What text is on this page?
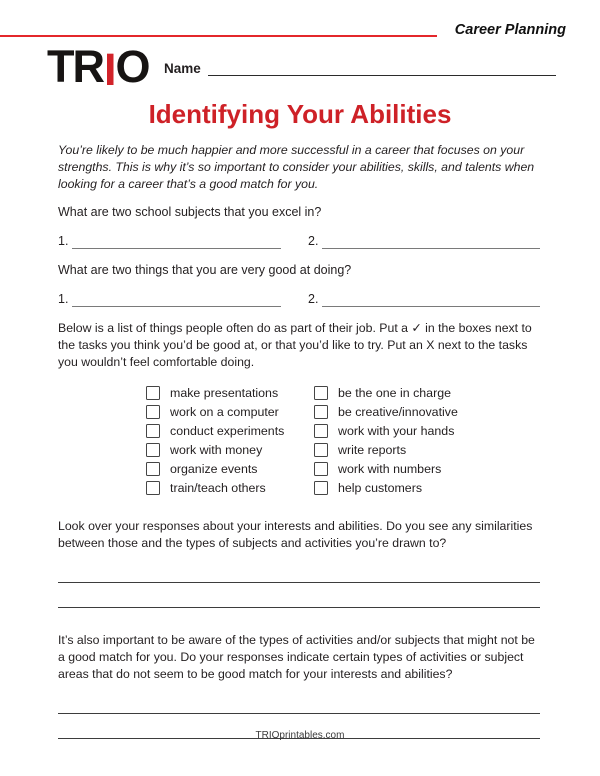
Career Planning
TRIO Name
Identifying Your Abilities

You’re likely to be much happier and more successful in a career that focuses on your strengths. This is why it’s so important to consider your abilities, skills, and talents when looking for a career that’s a good match for you.

What are two school subjects that you excel in?

1.	2.

What are two things that you are very good at doing?

1.	2.

Below is a list of things people often do as part of their job. Put a ✓ in the boxes next to the tasks you think you’d be good at, or that you’d like to try. Put an X next to the tasks you wouldn’t feel comfortable doing.

make presentations
work on a computer
conduct experiments
work with money
organize events
train/teach others
be the one in charge
be creative/innovative
work with your hands
write reports
work with numbers
help customers

Look over your responses about your interests and abilities. Do you see any similarities between those and the types of subjects and activities you’re drawn to?

It’s also important to be aware of the types of activities and/or subjects that might not be a good match for you. Do your responses indicate certain types of activities or subject areas that do not seem to be good match for your interests and abilities?

TRIOprintables.com
